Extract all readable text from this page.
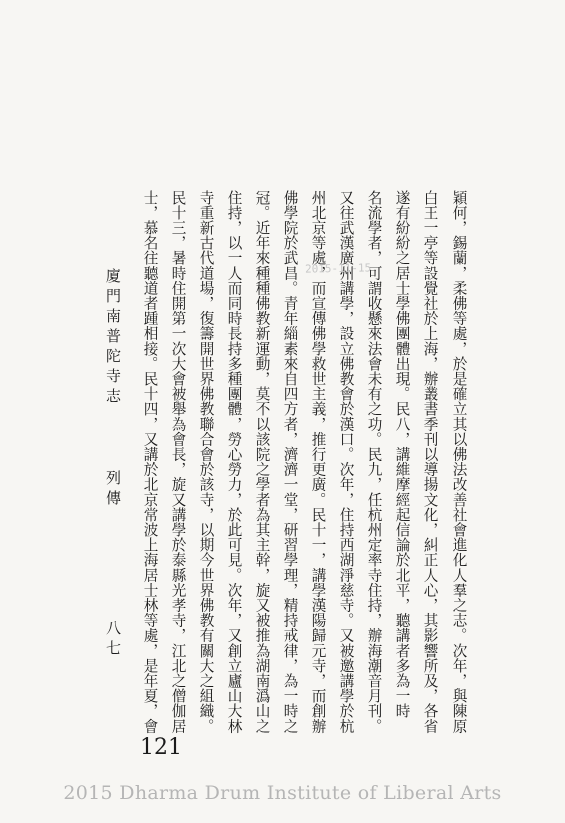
穎何，錫蘭，柔佛等處，於是確立其以佛法改善社會進化人羣之志。次年，與陳原
白王一亭等設覺社於上海，辦叢書季刊以導揚文化，糾正人心，其影響所及，各省
遂有紛紛之居士學佛團體出現。民八，講維摩經起信論於北平，聽講者多為一時
名流學者，可謂收懸來法會未有之功。民九，任杭州定率寺住持，辦海潮音月刊。
又往武漢廣州講學，設立佛教會於漢口。次年，住持西湖淨慈寺。又被邀講學於杭
州北京等處，而宣傳佛學救世主義，推行更廣。民十一，講學漢陽歸元寺，而創辦
佛學院於武昌。青年緇素來自四方者，濟濟一堂，研習學理，精持戒律，為一時之
冠。近年來種種佛教新運動，莫不以該院之學者為其主幹，旋又被推為湖南潙山之
住持，以一人而同時長持多種團體，勞心勞力，於此可見。次年，又創立廬山大林
寺重新古代道場，復籌開世界佛教聯合會於該寺，以期今世界佛教有關大之組織。
民十三，暑時住開第一次大會被舉為會長，旋又講學於泰縣光孝寺，江北之僧伽居
士，慕名往聽道者踵相接。民十四，又講於北京常波上海居士林等處，是年夏，會
廈門南普陀寺志
列傳
八七
2015-11-15
121
2015 Dharma Drum Institute of Liberal Arts
